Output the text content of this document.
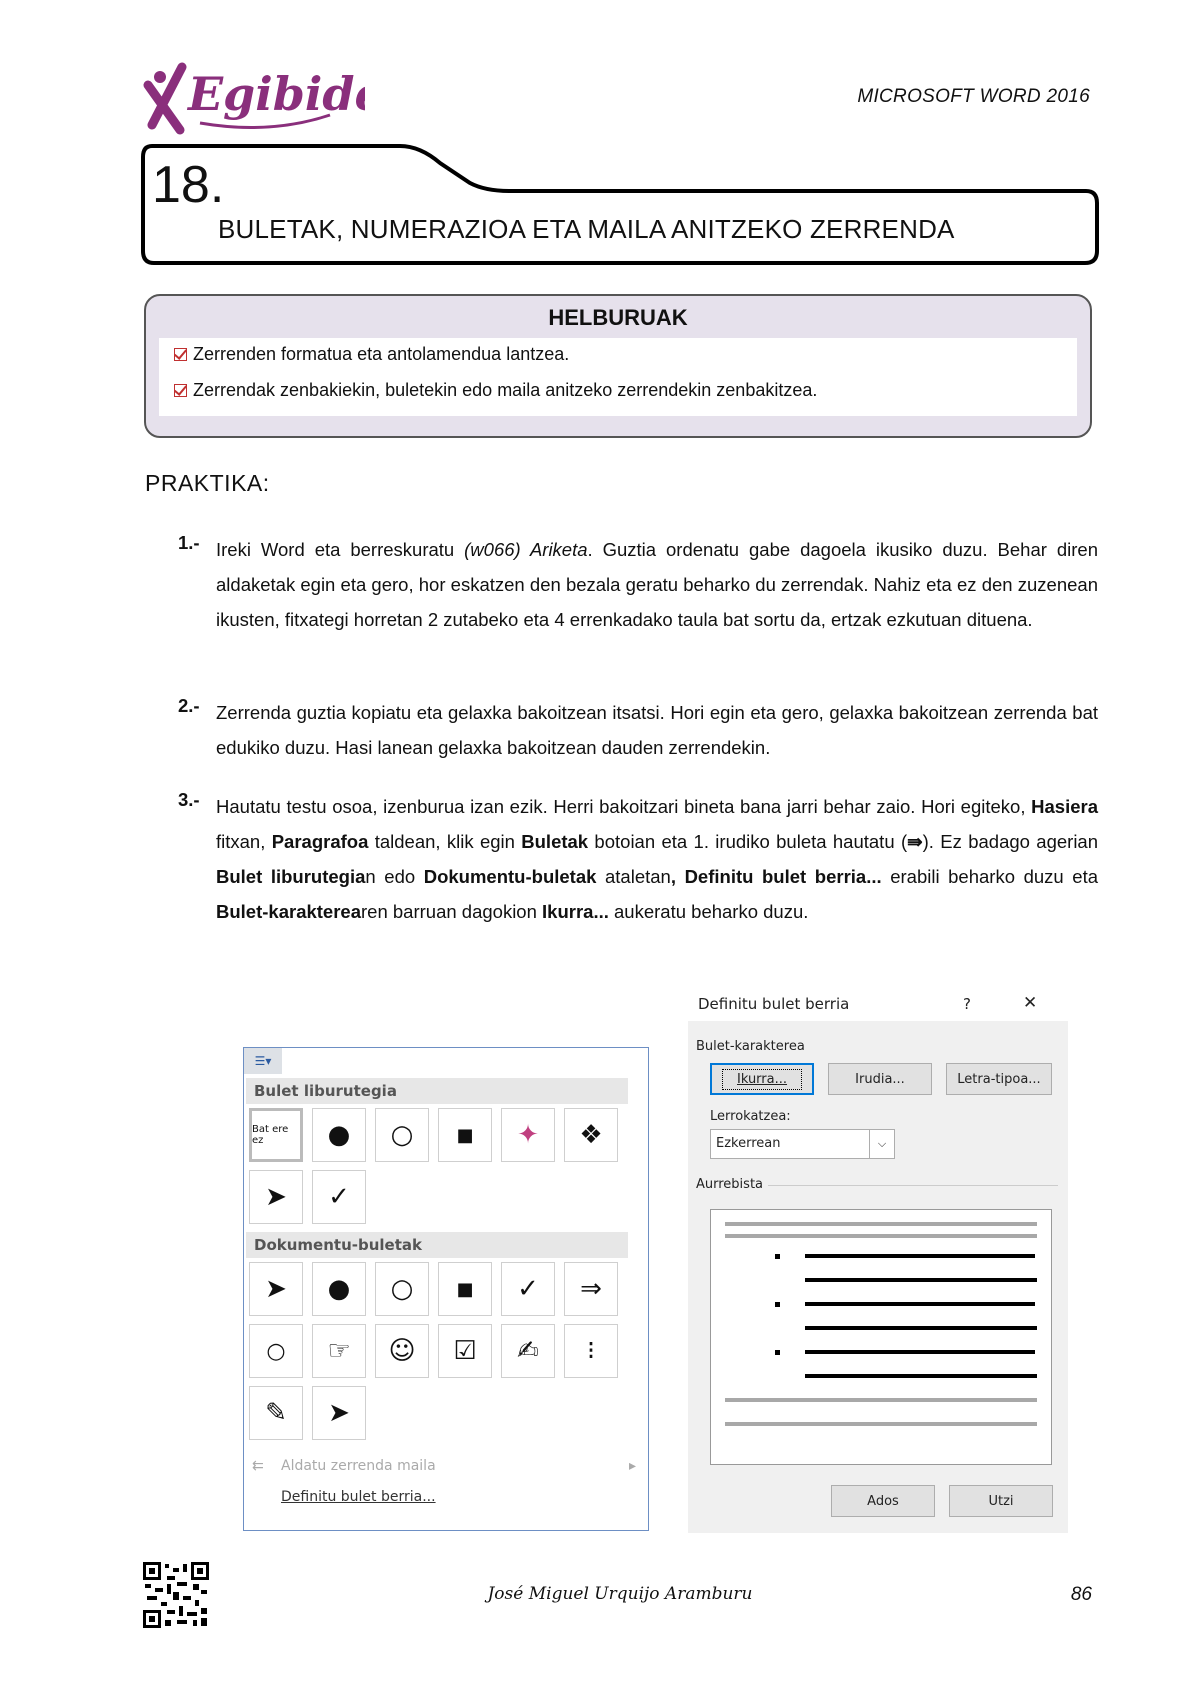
Egibide	MICROSOFT WORD 2016
18.
BULETAK, NUMERAZIOA ETA MAILA ANITZEKO ZERRENDA
HELBURUAK
Zerrenden formatua eta antolamendua lantzea.
Zerrendak zenbakiekin, buletekin edo maila anitzeko zerrendekin zenbakitzea.
PRAKTIKA:
1.- Ireki Word eta berreskuratu (w066) Ariketa. Guztia ordenatu gabe dagoela ikusiko duzu. Behar diren aldaketak egin eta gero, hor eskatzen den bezala geratu beharko du zerrendak. Nahiz eta ez den zuzenean ikusten, fitxategi horretan 2 zutabeko eta 4 errenkadako taula bat sortu da, ertzak ezkutuan dituena.

2.- Zerrenda guztia kopiatu eta gelaxka bakoitzean itsatsi. Hori egin eta gero, gelaxka bakoitzean zerrenda bat edukiko duzu. Hasi lanean gelaxka bakoitzean dauden zerrendekin.

3.- Hautatu testu osoa, izenburua izan ezik. Herri bakoitzari bineta bana jarri behar zaio. Hori egiteko, Hasiera fitxan, Paragrafoa taldean, klik egin Buletak botoian eta 1. irudiko buleta hautatu (⇛). Ez badago agerian Bulet liburutegian edo Dokumentu-buletak ataletan, Definitu bulet berria... erabili beharko duzu eta Bulet-karakterearen barruan dagokion Ikurra... aukeratu beharko duzu.

☰▾
Bulet liburutegia
Bat ere ez	●	○	■	✦	❖
➤	✓
Dokumentu-buletak
➤	●	○	■	✓	⇒
○	☞	☺	☑	✍	⁝
✎	➤
⇇ Aldatu zerrenda maila	▸
Definitu bulet berria...
Definitu bulet berria	?	✕
Bulet-karakterea
Ikurra...	Irudia...	Letra-tipoa...
Lerrokatzea:
Ezkerrean	⌵
Aurrebista
Ados	Utzi
José Miguel Urquijo Aramburu	86
